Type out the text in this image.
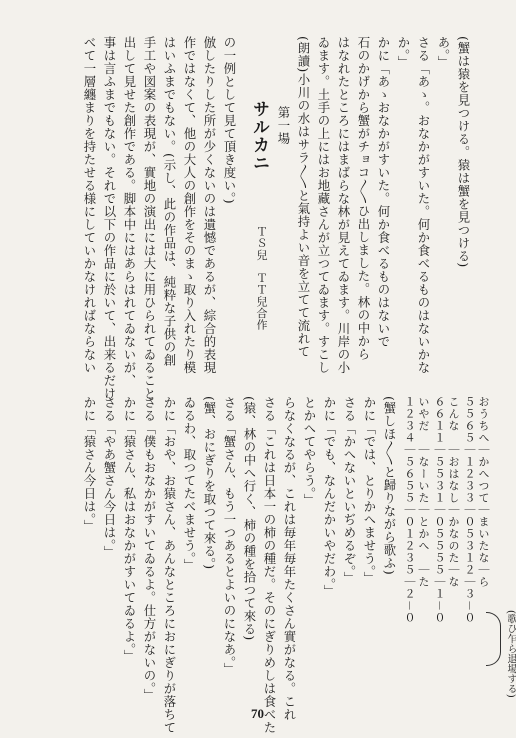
べて一層纏まりを持たせる様にしていかなければならない 事は言ふまでもない。それで以下の作品に於いて、出来るだけ 出して見せた創作である。脚本中にはあらはれてゐないが、 手工や図案の表現が、實地の演出には大に用ひられてゐること はいふまでもない。(示し、此の作品は、純粋な子供の創 作ではなくて、他の大人の創作をそのまゝ取り入れたり模 倣したりした所が少くないのは遺憾であるが、綜合的表現 の一例として見て頂き度い。) サルカニ
ＴＳ兒　ＴＴ兒合作
第一場 (朗讀)小川の水はサラ〳〵と氣持よい音を立てて流れて ゐます。土手の上にはお地藏さんが立つてゐます。すこし はなれたところにはまばらな林が見えてゐます。川岸の小 石のかげから蟹がチョコ〳〵ひ出しました。林の中から かに「あゝおなかがすいた。何か食べるものはないで か。」 さる「あゝ。おなかがすいた。何か食べるものはないかな あ。」 (蟹は猿を見つける。猿は蟹を見つける)
かに「猿さん今日は。」 さる「やあ蟹さん今日は。」 かに「猿さん、私はおなかがすいてゐるよ。」 さる「僕もおなかがすいてゐるよ。仕方がないの。」 かに「おや、お猿さん、あんなところにおにぎりが落ちて ゐるわ、取つてたべませう。」 (蟹、おにぎりを取つて來る。) さる「蟹さん、もう一つあるとよいのになあ。」 (猿、林の中へ行く、柿の種を拾つて來る) さる「これは日本一の柿の種だ。そのにぎりめしは食べた らなくなるが、これは毎年毎年たくさん實がなる。これ とかへてやらう。」 かに「でも、なんだかいやだわ。」 さる「かへないといぢめるぞ。」 かに「では、とりかへませう。」 (蟹しほ〳〵と歸りながら歌ふ) １２３４｜５６５５｜０１２３５｜２－０ いやだ　｜なーいた｜とかへ　｜た ６６１１｜５５３１｜０５５５５｜１－０ こんな　｜おはなし｜かなのた｜な ５５６５｜１２３３｜０５３１２｜３－０ おうちへ｜かへつて｜まいたな｜ら
(歌ひ乍ら退場する)
70
